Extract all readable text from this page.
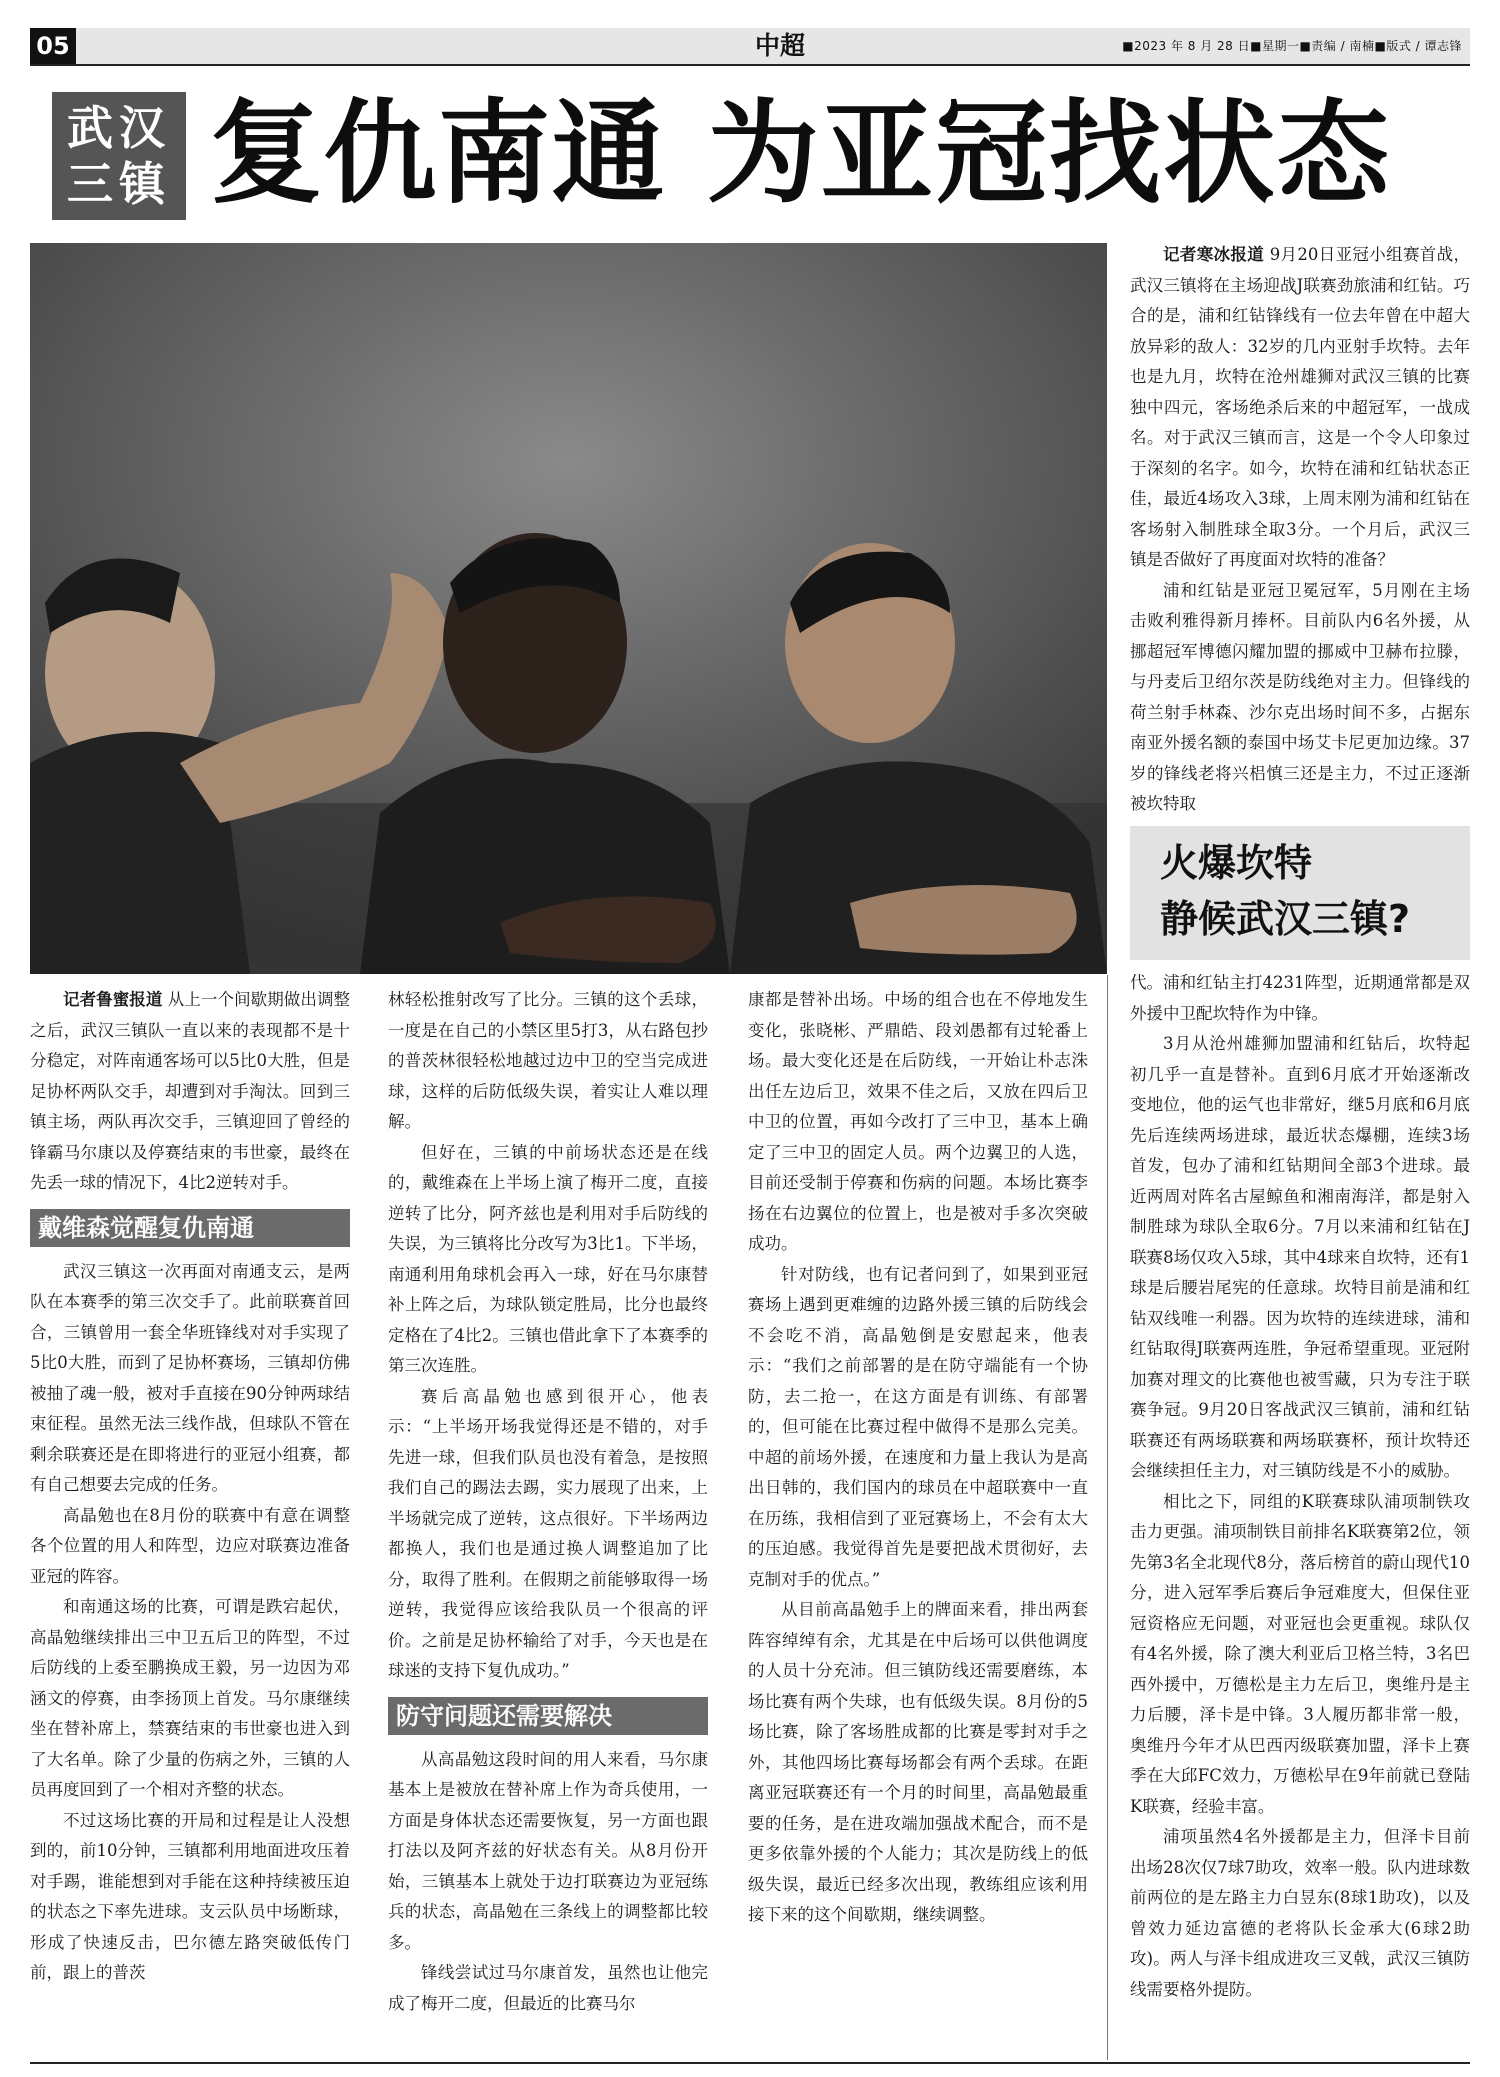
05	中超	■2023 年 8 月 28 日■星期一■责编 / 南楠■版式 / 谭志锋
武汉
三镇 复仇南通 为亚冠找状态

记者鲁蜜报道 从上一个间歇期做出调整之后，武汉三镇队一直以来的表现都不是十分稳定，对阵南通客场可以5比0大胜，但是足协杯两队交手，却遭到对手淘汰。回到三镇主场，两队再次交手，三镇迎回了曾经的锋霸马尔康以及停赛结束的韦世豪，最终在先丢一球的情况下，4比2逆转对手。

戴维森觉醒复仇南通

武汉三镇这一次再面对南通支云，是两队在本赛季的第三次交手了。此前联赛首回合，三镇曾用一套全华班锋线对对手实现了5比0大胜，而到了足协杯赛场，三镇却仿佛被抽了魂一般，被对手直接在90分钟两球结束征程。虽然无法三线作战，但球队不管在剩余联赛还是在即将进行的亚冠小组赛，都有自己想要去完成的任务。

高晶勉也在8月份的联赛中有意在调整各个位置的用人和阵型，边应对联赛边准备亚冠的阵容。

和南通这场的比赛，可谓是跌宕起伏，高晶勉继续排出三中卫五后卫的阵型，不过后防线的上委至鹏换成王毅，另一边因为邓涵文的停赛，由李扬顶上首发。马尔康继续坐在替补席上，禁赛结束的韦世豪也进入到了大名单。除了少量的伤病之外，三镇的人员再度回到了一个相对齐整的状态。

不过这场比赛的开局和过程是让人没想到的，前10分钟，三镇都利用地面进攻压着对手踢，谁能想到对手能在这种持续被压迫的状态之下率先进球。支云队员中场断球，形成了快速反击，巴尔德左路突破低传门前，跟上的普茨

林轻松推射改写了比分。三镇的这个丢球，一度是在自己的小禁区里5打3，从右路包抄的普茨林很轻松地越过边中卫的空当完成进球，这样的后防低级失误，着实让人难以理解。

但好在，三镇的中前场状态还是在线的，戴维森在上半场上演了梅开二度，直接逆转了比分，阿齐兹也是利用对手后防线的失误，为三镇将比分改写为3比1。下半场，南通利用角球机会再入一球，好在马尔康替补上阵之后，为球队锁定胜局，比分也最终定格在了4比2。三镇也借此拿下了本赛季的第三次连胜。

赛后高晶勉也感到很开心，他表示：“上半场开场我觉得还是不错的，对手先进一球，但我们队员也没有着急，是按照我们自己的踢法去踢，实力展现了出来，上半场就完成了逆转，这点很好。下半场两边都换人，我们也是通过换人调整追加了比分，取得了胜利。在假期之前能够取得一场逆转，我觉得应该给我队员一个很高的评价。之前是足协杯输给了对手，今天也是在球迷的支持下复仇成功。”

防守问题还需要解决

从高晶勉这段时间的用人来看，马尔康基本上是被放在替补席上作为奇兵使用，一方面是身体状态还需要恢复，另一方面也跟打法以及阿齐兹的好状态有关。从8月份开始，三镇基本上就处于边打联赛边为亚冠练兵的状态，高晶勉在三条线上的调整都比较多。

锋线尝试过马尔康首发，虽然也让他完成了梅开二度，但最近的比赛马尔

康都是替补出场。中场的组合也在不停地发生变化，张晓彬、严鼎皓、段刘愚都有过轮番上场。最大变化还是在后防线，一开始让朴志洙出任左边后卫，效果不佳之后，又放在四后卫中卫的位置，再如今改打了三中卫，基本上确定了三中卫的固定人员。两个边翼卫的人选，目前还受制于停赛和伤病的问题。本场比赛李扬在右边翼位的位置上，也是被对手多次突破成功。

针对防线，也有记者问到了，如果到亚冠赛场上遇到更难缠的边路外援三镇的后防线会不会吃不消，高晶勉倒是安慰起来，他表示：“我们之前部署的是在防守端能有一个协防，去二抢一，在这方面是有训练、有部署的，但可能在比赛过程中做得不是那么完美。中超的前场外援，在速度和力量上我认为是高出日韩的，我们国内的球员在中超联赛中一直在历练，我相信到了亚冠赛场上，不会有太大的压迫感。我觉得首先是要把战术贯彻好，去克制对手的优点。”

从目前高晶勉手上的牌面来看，排出两套阵容绰绰有余，尤其是在中后场可以供他调度的人员十分充沛。但三镇防线还需要磨练，本场比赛有两个失球，也有低级失误。8月份的5场比赛，除了客场胜成都的比赛是零封对手之外，其他四场比赛每场都会有两个丢球。在距离亚冠联赛还有一个月的时间里，高晶勉最重要的任务，是在进攻端加强战术配合，而不是更多依靠外援的个人能力；其次是防线上的低级失误，最近已经多次出现，教练组应该利用接下来的这个间歇期，继续调整。

记者寒冰报道 9月20日亚冠小组赛首战，武汉三镇将在主场迎战J联赛劲旅浦和红钻。巧合的是，浦和红钻锋线有一位去年曾在中超大放异彩的敌人：32岁的几内亚射手坎特。去年也是九月，坎特在沧州雄狮对武汉三镇的比赛独中四元，客场绝杀后来的中超冠军，一战成名。对于武汉三镇而言，这是一个令人印象过于深刻的名字。如今，坎特在浦和红钻状态正佳，最近4场攻入3球，上周末刚为浦和红钻在客场射入制胜球全取3分。一个月后，武汉三镇是否做好了再度面对坎特的准备？

浦和红钻是亚冠卫冕冠军，5月刚在主场击败利雅得新月捧杯。目前队内6名外援，从挪超冠军博德闪耀加盟的挪威中卫赫布拉滕，与丹麦后卫绍尔茨是防线绝对主力。但锋线的荷兰射手林森、沙尔克出场时间不多，占据东南亚外援名额的泰国中场艾卡尼更加边缘。37岁的锋线老将兴梠慎三还是主力，不过正逐渐被坎特取

火爆坎特
静候武汉三镇?

代。浦和红钻主打4231阵型，近期通常都是双外援中卫配坎特作为中锋。

3月从沧州雄狮加盟浦和红钻后，坎特起初几乎一直是替补。直到6月底才开始逐渐改变地位，他的运气也非常好，继5月底和6月底先后连续两场进球，最近状态爆棚，连续3场首发，包办了浦和红钻期间全部3个进球。最近两周对阵名古屋鲸鱼和湘南海洋，都是射入制胜球为球队全取6分。7月以来浦和红钻在J联赛8场仅攻入5球，其中4球来自坎特，还有1球是后腰岩尾宪的任意球。坎特目前是浦和红钻双线唯一利器。因为坎特的连续进球，浦和红钻取得J联赛两连胜，争冠希望重现。亚冠附加赛对理文的比赛他也被雪藏，只为专注于联赛争冠。9月20日客战武汉三镇前，浦和红钻联赛还有两场联赛和两场联赛杯，预计坎特还会继续担任主力，对三镇防线是不小的威胁。

相比之下，同组的K联赛球队浦项制铁攻击力更强。浦项制铁目前排名K联赛第2位，领先第3名全北现代8分，落后榜首的蔚山现代10分，进入冠军季后赛后争冠难度大，但保住亚冠资格应无问题，对亚冠也会更重视。球队仅有4名外援，除了澳大利亚后卫格兰特，3名巴西外援中，万德松是主力左后卫，奥维丹是主力后腰，泽卡是中锋。3人履历都非常一般，奥维丹今年才从巴西丙级联赛加盟，泽卡上赛季在大邱FC效力，万德松早在9年前就已登陆K联赛，经验丰富。

浦项虽然4名外援都是主力，但泽卡目前出场28次仅7球7助攻，效率一般。队内进球数前两位的是左路主力白昱东(8球1助攻)，以及曾效力延边富德的老将队长金承大(6球2助攻)。两人与泽卡组成进攻三叉戟，武汉三镇防线需要格外提防。
